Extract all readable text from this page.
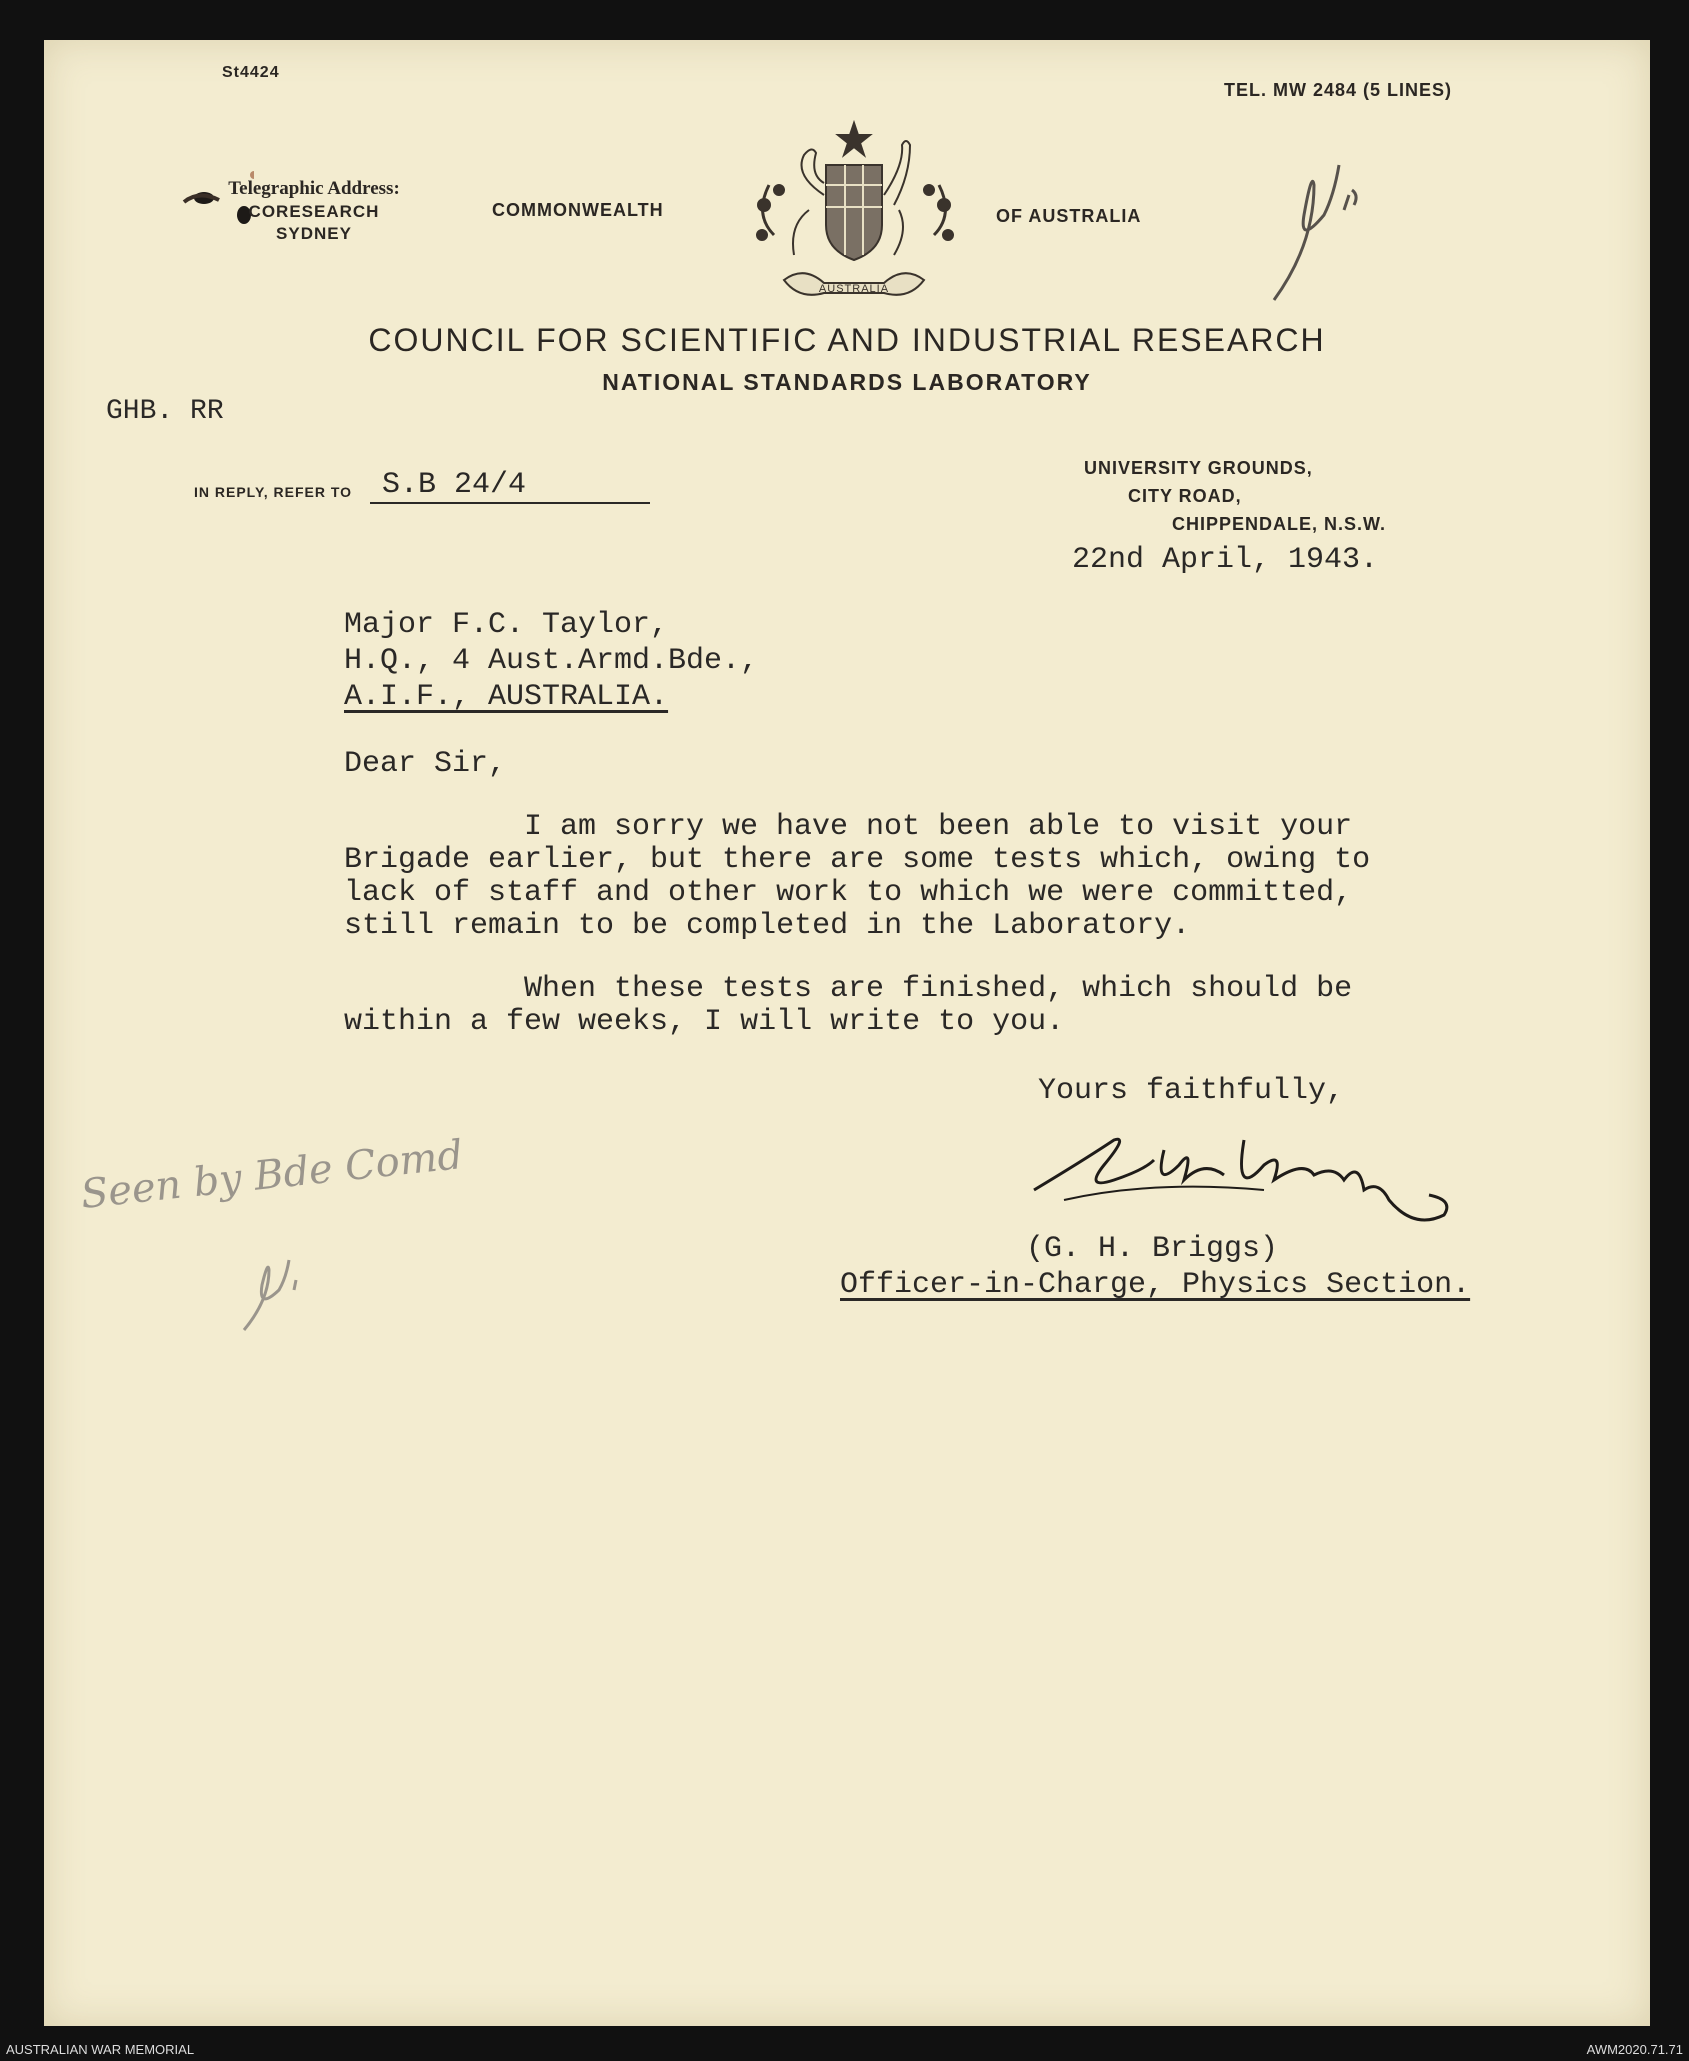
St4424
TEL. MW 2484 (5 LINES)
Telegraphic Address:
CORESEARCH
SYDNEY
COMMONWEALTH	OF AUSTRALIA
AUSTRALIA
COUNCIL FOR SCIENTIFIC AND INDUSTRIAL RESEARCH
NATIONAL STANDARDS LABORATORY
GHB. RR
IN REPLY, REFER TO S.B 24/4	UNIVERSITY GROUNDS,
CITY ROAD,
CHIPPENDALE, N.S.W.
22nd April, 1943.
Major F.C. Taylor,
H.Q., 4 Aust.Armd.Bde.,
A.I.F., AUSTRALIA.
Dear Sir,
I am sorry we have not been able to visit your
Brigade earlier, but there are some tests which, owing to
lack of staff and other work to which we were committed,
still remain to be completed in the Laboratory.
When these tests are finished, which should be
within a few weeks, I will write to you.
Yours faithfully,
(G. H. Briggs)
Officer-in-Charge, Physics Section.
Seen by Bde Comd
AUSTRALIAN WAR MEMORIAL	AWM2020.71.71
